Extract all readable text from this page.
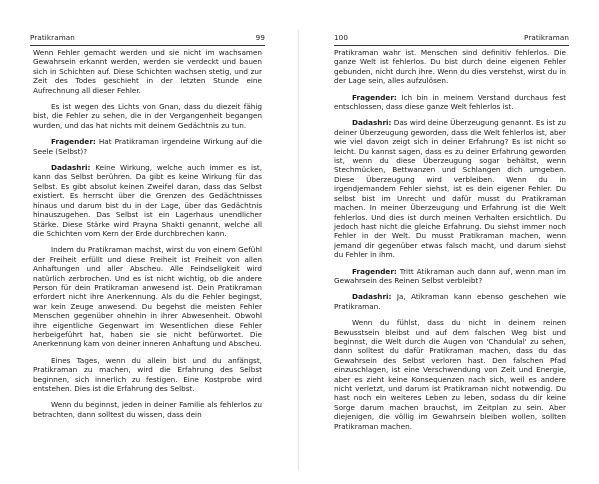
Pratikraman	99

Wenn Fehler gemacht werden und sie nicht im wachsamen Gewahrsein erkannt werden, werden sie verdeckt und bauen sich in Schichten auf. Diese Schichten wachsen stetig, und zur Zeit des Todes geschieht in der letzten Stunde eine Aufrechnung all dieser Fehler.

Es ist wegen des Lichts von Gnan, dass du diezeit fähig bist, die Fehler zu sehen, die in der Vergangenheit begangen wurden, und das hat nichts mit deinem Gedächtnis zu tun.

Fragender: Hat Pratikraman irgendeine Wirkung auf die Seele (Selbst)?

Dadashri: Keine Wirkung, welche auch immer es ist, kann das Selbst berühren. Da gibt es keine Wirkung für das Selbst. Es gibt absolut keinen Zweifel daran, dass das Selbst existiert. Es herrscht über die Grenzen des Gedächtnisses hinaus und darum bist du in der Lage, über das Gedächtnis hinauszugehen. Das Selbst ist ein Lagerhaus unendlicher Stärke. Diese Stärke wird Prayna Shakti genannt, welche all die Schichten vom Kern der Erde durchbrechen kann.

Indem du Pratikraman machst, wirst du von einem Gefühl der Freiheit erfüllt und diese Freiheit ist Freiheit von allen Anhaftungen und aller Abscheu. Alle Feindseligkeit wird natürlich zerbrochen. Und es ist nicht wichtig, ob die andere Person für dein Pratikraman anwesend ist. Dein Pratikraman erfordert nicht ihre Anerkennung. Als du die Fehler begingst, war kein Zeuge anwesend. Du begehst die meisten Fehler Menschen gegenüber ohnehin in ihrer Abwesenheit. Obwohl ihre eigentliche Gegenwart im Wesentlichen diese Fehler herbeigeführt hat, haben sie sie nicht befürwortet. Die Anerkennung kam von deiner inneren Anhaftung und Abscheu.

Eines Tages, wenn du allein bist und du anfängst, Pratikraman zu machen, wird die Erfahrung des Selbst beginnen, sich innerlich zu festigen. Eine Kostprobe wird entstehen. Dies ist die Erfahrung des Selbst.

Wenn du beginnst, jeden in deiner Familie als fehlerlos zu betrachten, dann solltest du wissen, dass dein

100	Pratikraman

Pratikraman wahr ist. Menschen sind definitiv fehlerlos. Die ganze Welt ist fehlerlos. Du bist durch deine eigenen Fehler gebunden, nicht durch ihre. Wenn du dies verstehst, wirst du in der Lage sein, alles aufzulösen.

Fragender: Ich bin in meinem Verstand durchaus fest entschlossen, dass diese ganze Welt fehlerlos ist.

Dadashri: Das wird deine Überzeugung genannt. Es ist zu deiner Überzeugung geworden, dass die Welt fehlerlos ist, aber wie viel davon zeigt sich in deiner Erfahrung? Es ist nicht so leicht. Du kannst sagen, dass es zu deiner Erfahrung geworden ist, wenn du diese Überzeugung sogar behältst, wenn Stechmücken, Bettwanzen und Schlangen dich umgeben. Diese Überzeugung wird verbleiben. Wenn du in irgendjemandem Fehler siehst, ist es dein eigener Fehler. Du selbst bist im Unrecht und dafür musst du Pratikraman machen. In meiner Überzeugung und Erfahrung ist die Welt fehlerlos. Und dies ist durch meinen Verhalten ersichtlich. Du jedoch hast nicht die gleiche Erfahrung. Du siehst immer noch Fehler in der Welt. Du musst Pratikraman machen, wenn jemand dir gegenüber etwas falsch macht, und darum siehst du Fehler in ihm.

Fragender: Tritt Atikraman auch dann auf, wenn man im Gewahrsein des Reinen Selbst verbleibt?

Dadashri: Ja, Atikraman kann ebenso geschehen wie Pratikraman.

Wenn du fühlst, dass du nicht in deinem reinen Bewusstsein bleibst und auf dem falschen Weg bist und beginnst, die Welt durch die Augen von 'Chandulal' zu sehen, dann solltest du dafür Pratikraman machen, dass du das Gewahrsein des Selbst verloren hast. Den falschen Pfad einzuschlagen, ist eine Verschwendung von Zeit und Energie, aber es zieht keine Konsequenzen nach sich, weil es andere nicht verletzt, und darum ist Pratikraman nicht notwendig. Du hast noch ein weiteres Leben zu leben, sodass du dir keine Sorge darum machen brauchst, im Zeitplan zu sein. Aber diejenigen, die völlig im Gewahrsein bleiben wollen, sollten Pratikraman machen.
